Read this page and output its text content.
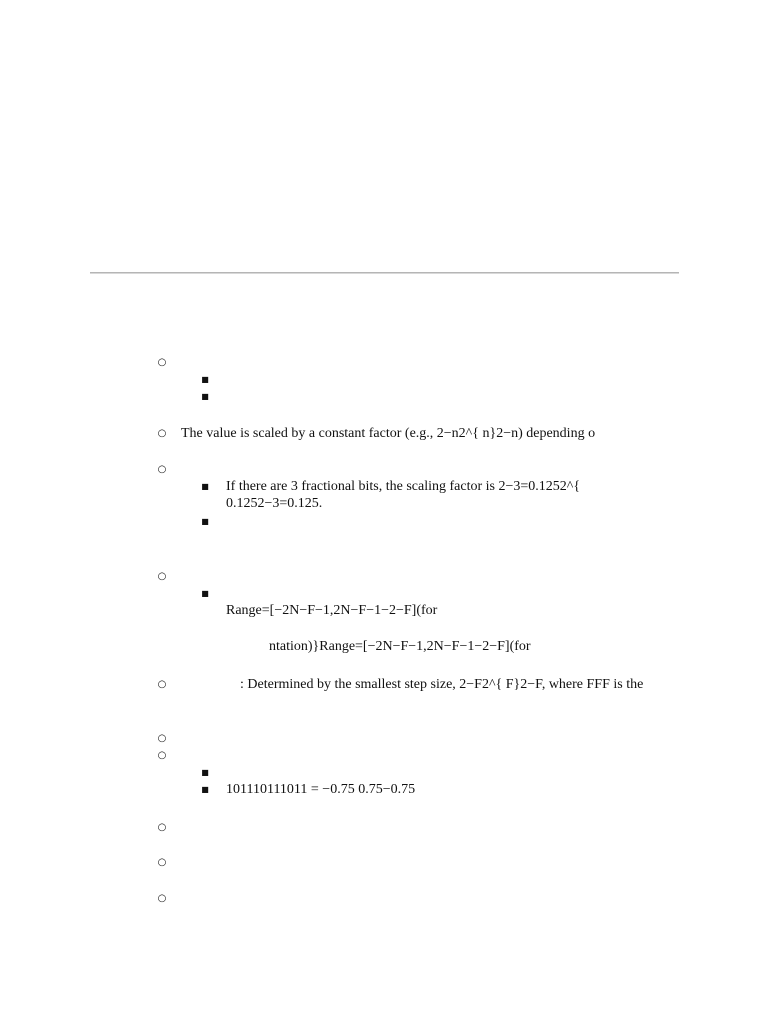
○
■
■
○ The value is scaled by a constant factor (e.g., 2−n2^{ n}2−n) depending o
○
■ If there are 3 fractional bits, the scaling factor is 2−3=0.1252^{
0.1252−3=0.125.
■
○
■
Range=[−2N−F−1,2N−F−1−2−F](for
ntation)}Range=[−2N−F−1,2N−F−1−2−F](for
○	: Determined by the smallest step size, 2−F2^{ F}2−F, where FFF is the
○
○
■
■ 101110111011 = −0.75 0.75−0.75
○
○
○
